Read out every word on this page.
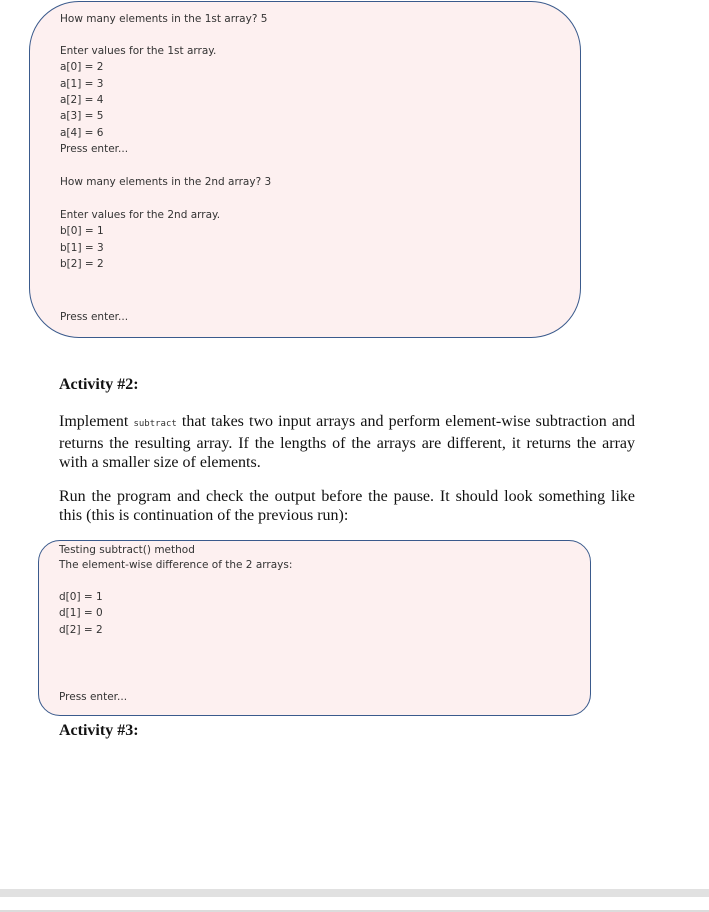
How many elements in the 1st array? 5
Enter values for the 1st array.
a[0] = 2
a[1] = 3
a[2] = 4
a[3] = 5
a[4] = 6
Press enter...
How many elements in the 2nd array? 3
Enter values for the 2nd array.
b[0] = 1
b[1] = 3
b[2] = 2
Press enter...
Activity #2:

Implement subtract that takes two input arrays and perform element-wise subtraction and returns the resulting array. If the lengths of the arrays are different, it returns the array with a smaller size of elements.

Run the program and check the output before the pause. It should look something like this (this is continuation of the previous run):

Testing subtract() method
The element-wise difference of the 2 arrays:
d[0] = 1
d[1] = 0
d[2] = 2
Press enter...
Activity #3:
